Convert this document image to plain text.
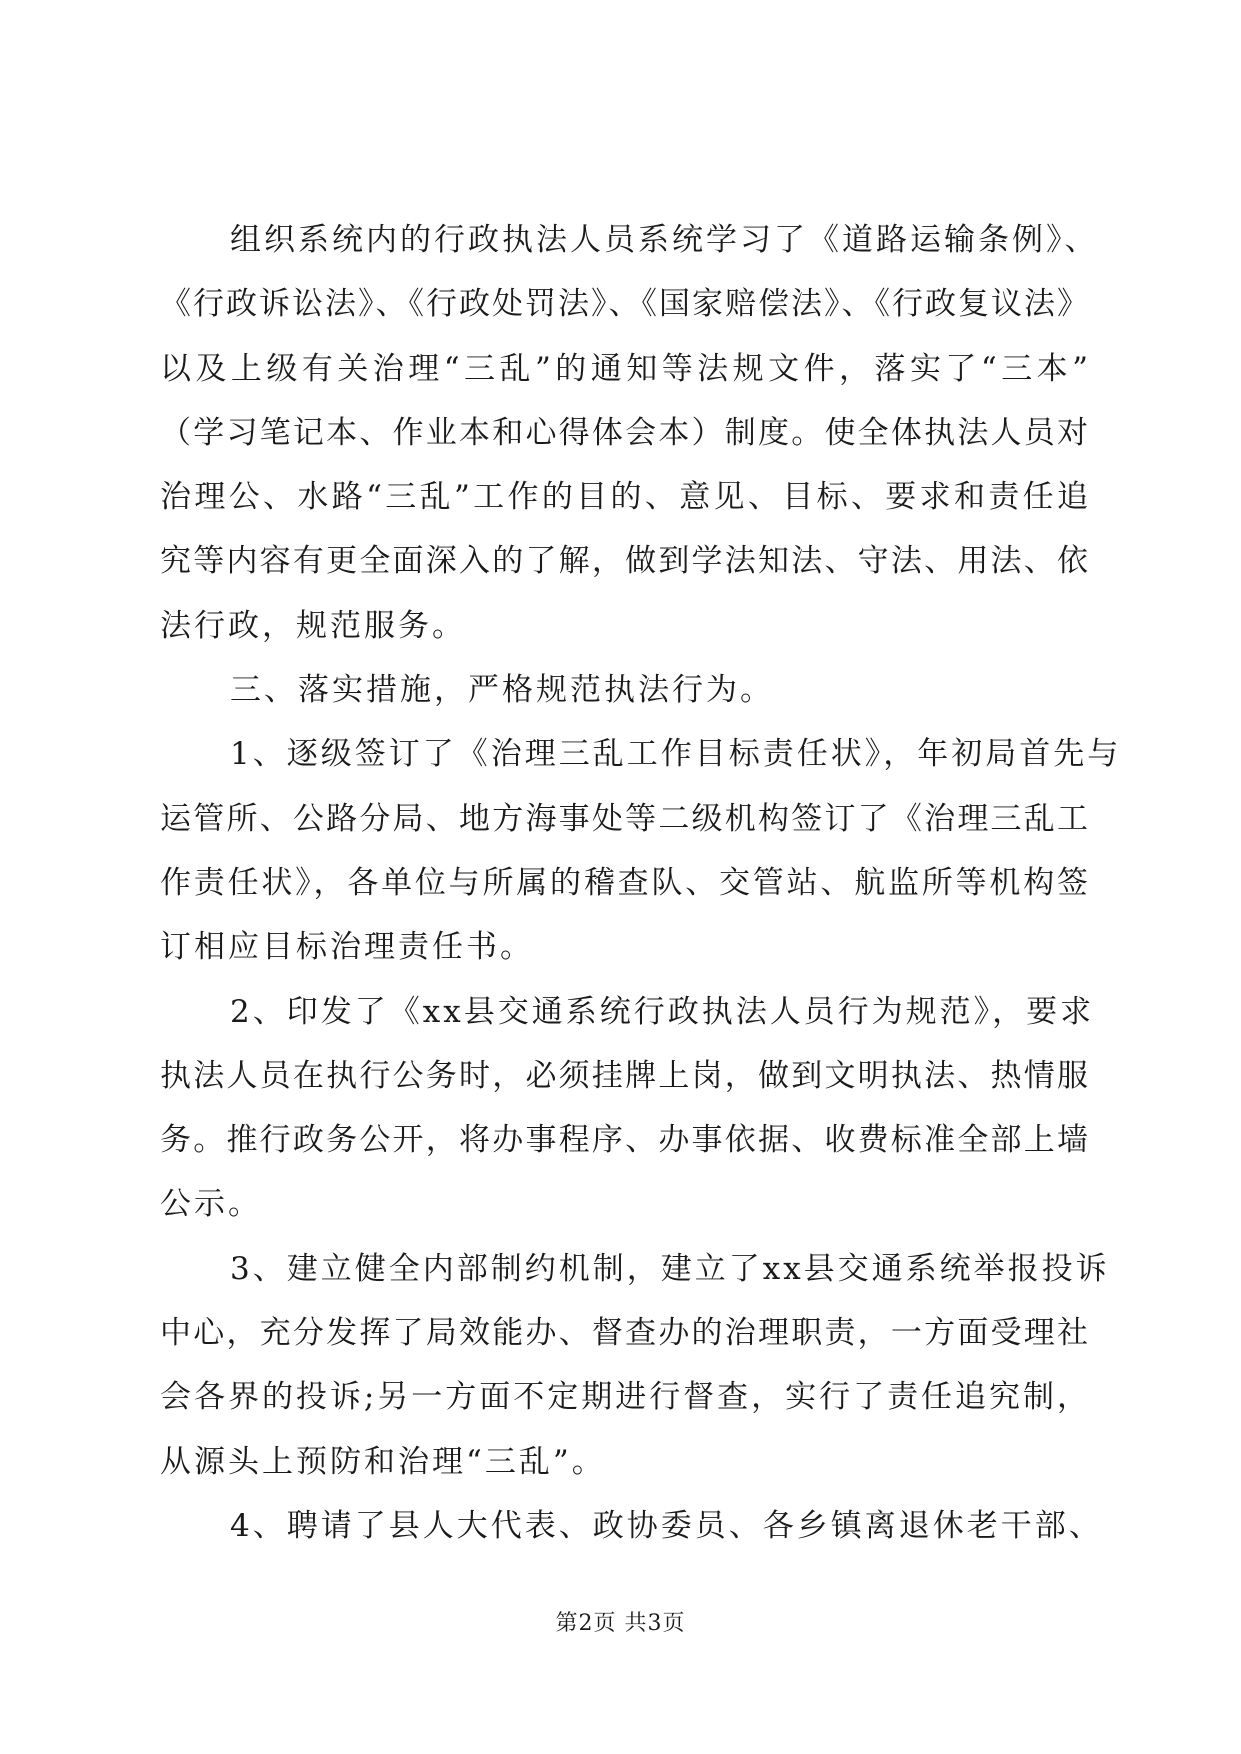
组织系统内的行政执法人员系统学习了《道路运输条例》、
《行政诉讼法》、《行政处罚法》、《国家赔偿法》、《行政复议法》
以及上级有关治理“三乱”的通知等法规文件，落实了“三本”
（学习笔记本、作业本和心得体会本）制度。使全体执法人员对
治理公、水路“三乱”工作的目的、意见、目标、要求和责任追
究等内容有更全面深入的了解，做到学法知法、守法、用法、依
法行政，规范服务。
三、落实措施，严格规范执法行为。
1、逐级签订了《治理三乱工作目标责任状》，年初局首先与
运管所、公路分局、地方海事处等二级机构签订了《治理三乱工
作责任状》，各单位与所属的稽查队、交管站、航监所等机构签
订相应目标治理责任书。
2、印发了《xx县交通系统行政执法人员行为规范》，要求
执法人员在执行公务时，必须挂牌上岗，做到文明执法、热情服
务。推行政务公开，将办事程序、办事依据、收费标准全部上墙
公示。
3、建立健全内部制约机制，建立了xx县交通系统举报投诉
中心，充分发挥了局效能办、督查办的治理职责，一方面受理社
会各界的投诉;另一方面不定期进行督查，实行了责任追究制，
从源头上预防和治理“三乱”。
4、聘请了县人大代表、政协委员、各乡镇离退休老干部、
第2页 共3页
